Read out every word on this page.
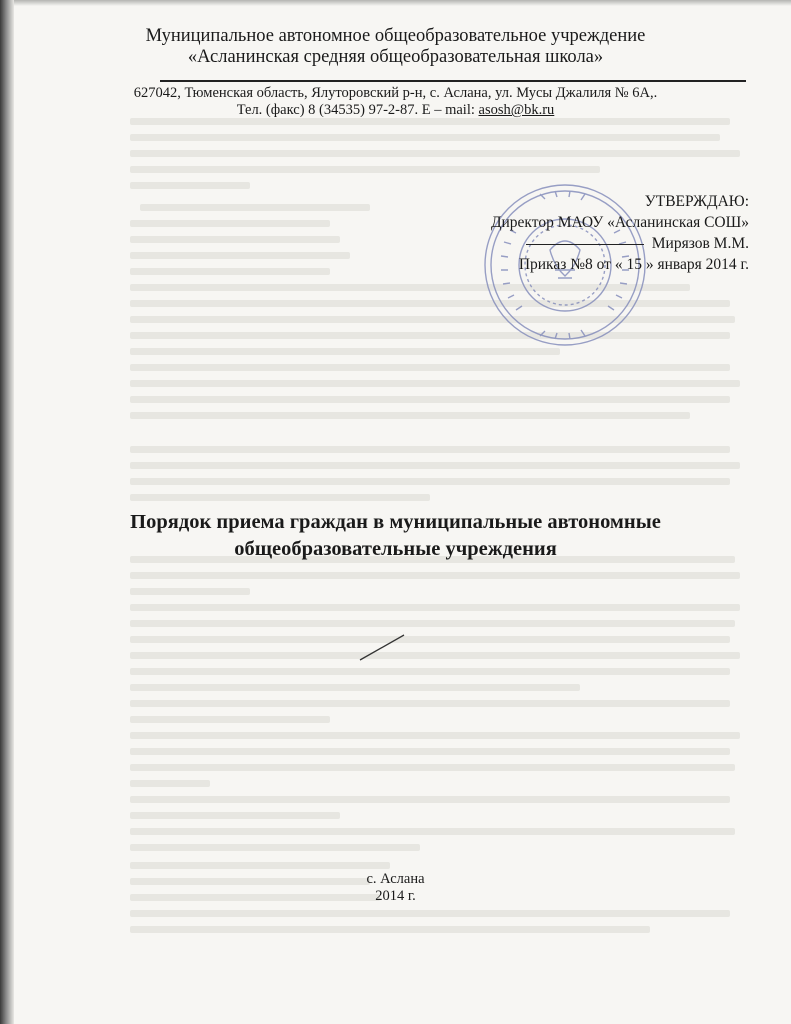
Муниципальное автономное общеобразовательное учреждение
«Асланинская средняя общеобразовательная школа»
627042, Тюменская область, Ялуторовский р-н, с. Аслана, ул. Мусы Джалиля № 6А,.
Тел. (факс) 8 (34535) 97-2-87. E – mail: asosh@bk.ru
УТВЕРЖДАЮ:
Директор МАОУ «Асланинская СОШ»
Мирязов М.М.
Приказ №8 от « 15 » января 2014 г.
Порядок приема граждан в муниципальные автономные
общеобразовательные учреждения
с. Аслана
2014 г.
